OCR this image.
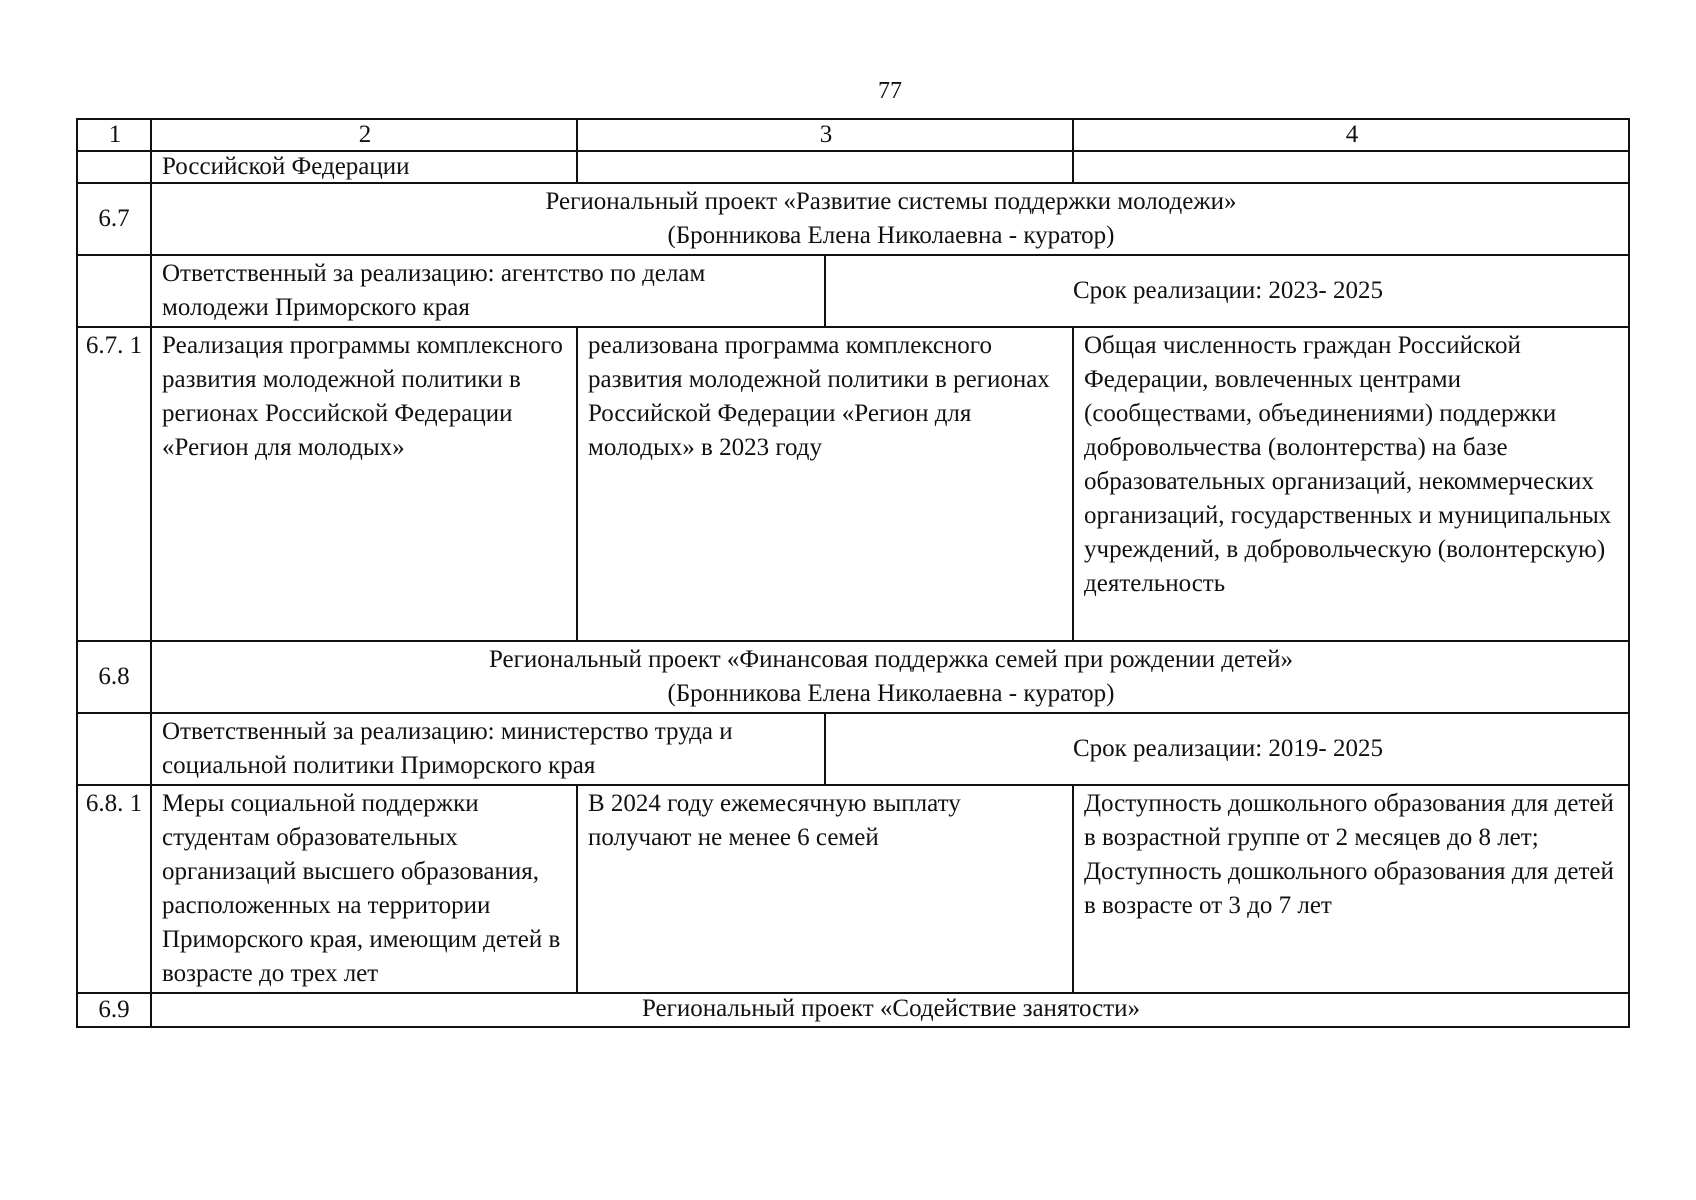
77
1	2	3		4
	Российской Федерации			
6.7	Региональный проект «Развитие системы поддержки молодежи»
(Бронникова Елена Николаевна - куратор)			

	Ответственный за реализацию: агентство по делам молодежи Приморского края		Срок реализации: 2023- 2025	
6.7. 1	Реализация программы комплексного развития молодежной политики в регионах Российской Федерации «Регион для молодых»	реализована программа комплексного развития молодежной политики в регионах Российской Федерации «Регион для молодых» в 2023 году		Общая численность граждан Российской Федерации, вовлеченных центрами (сообществами, объединениями) поддержки добровольчества (волонтерства) на базе образовательных организаций, некоммерческих организаций, государственных и муниципальных учреждений, в добровольческую (волонтерскую) деятельность
6.8	Региональный проект «Финансовая поддержка семей при рождении детей»
(Бронникова Елена Николаевна - куратор)			

	Ответственный за реализацию: министерство труда и социальной политики Приморского края		Срок реализации: 2019- 2025	
6.8. 1	Меры социальной поддержки студентам образовательных организаций высшего образования, расположенных на территории Приморского края, имеющим детей в возрасте до трех лет	В 2024 году ежемесячную выплату получают не менее 6 семей		Доступность дошкольного образования для детей в возрастной группе от 2 месяцев до 8 лет;
Доступность дошкольного образования для детей в возрасте от 3 до 7 лет

6.9	Региональный проект «Содействие занятости»			
